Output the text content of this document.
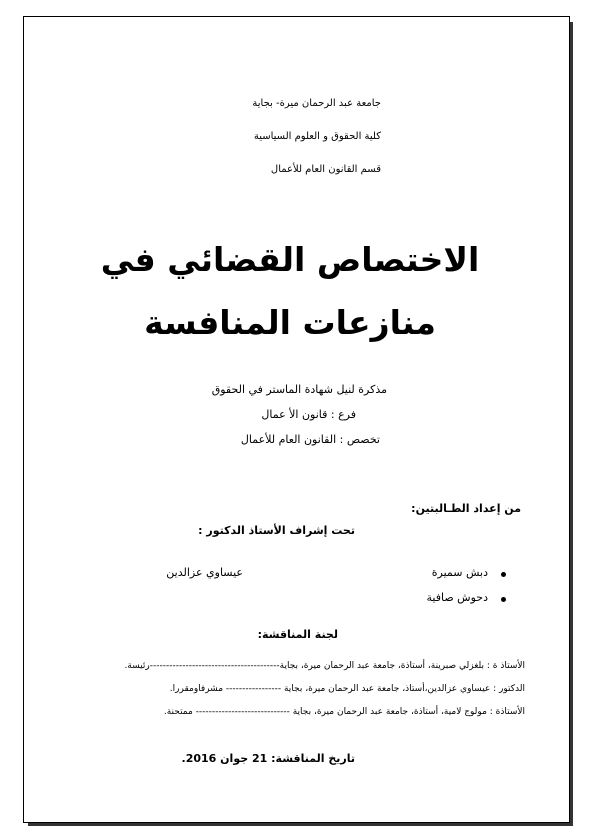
جامعة عبد الرحمان ميرة- بجاية
كلية الحقوق و العلوم السياسية
قسم القانون العام للأعمال
الاختصاص القضائي في
منازعات المنافسة
مذكرة لنيل شهادة الماستر في الحقوق
فرع : قانون الأ عمال
تخصص : القانون العام للأعمال
من إعداد الطـالبتين:
تحت إشراف الأستاذ الدكتور :
دبش سميرة
دحوش صافية
عيساوي عزالدين
لجنة المناقشة:
الأستاذ ة : بلغزلي صبرينة، أستاذة، جامعة عبد الرحمان ميرة، بجاية----------------------------------------رئيسة.
الدكتور : عيساوي عزالدين،أستاذ، جامعة عبد الرحمان ميرة، بجاية ----------------- مشرفاومقررا.
الأستاذة : مولوج لامية، أستاذة، جامعة عبد الرحمان ميرة، بجاية ----------------------------- ممتحنة.
تاريخ المناقشة: 21 جوان 2016.
